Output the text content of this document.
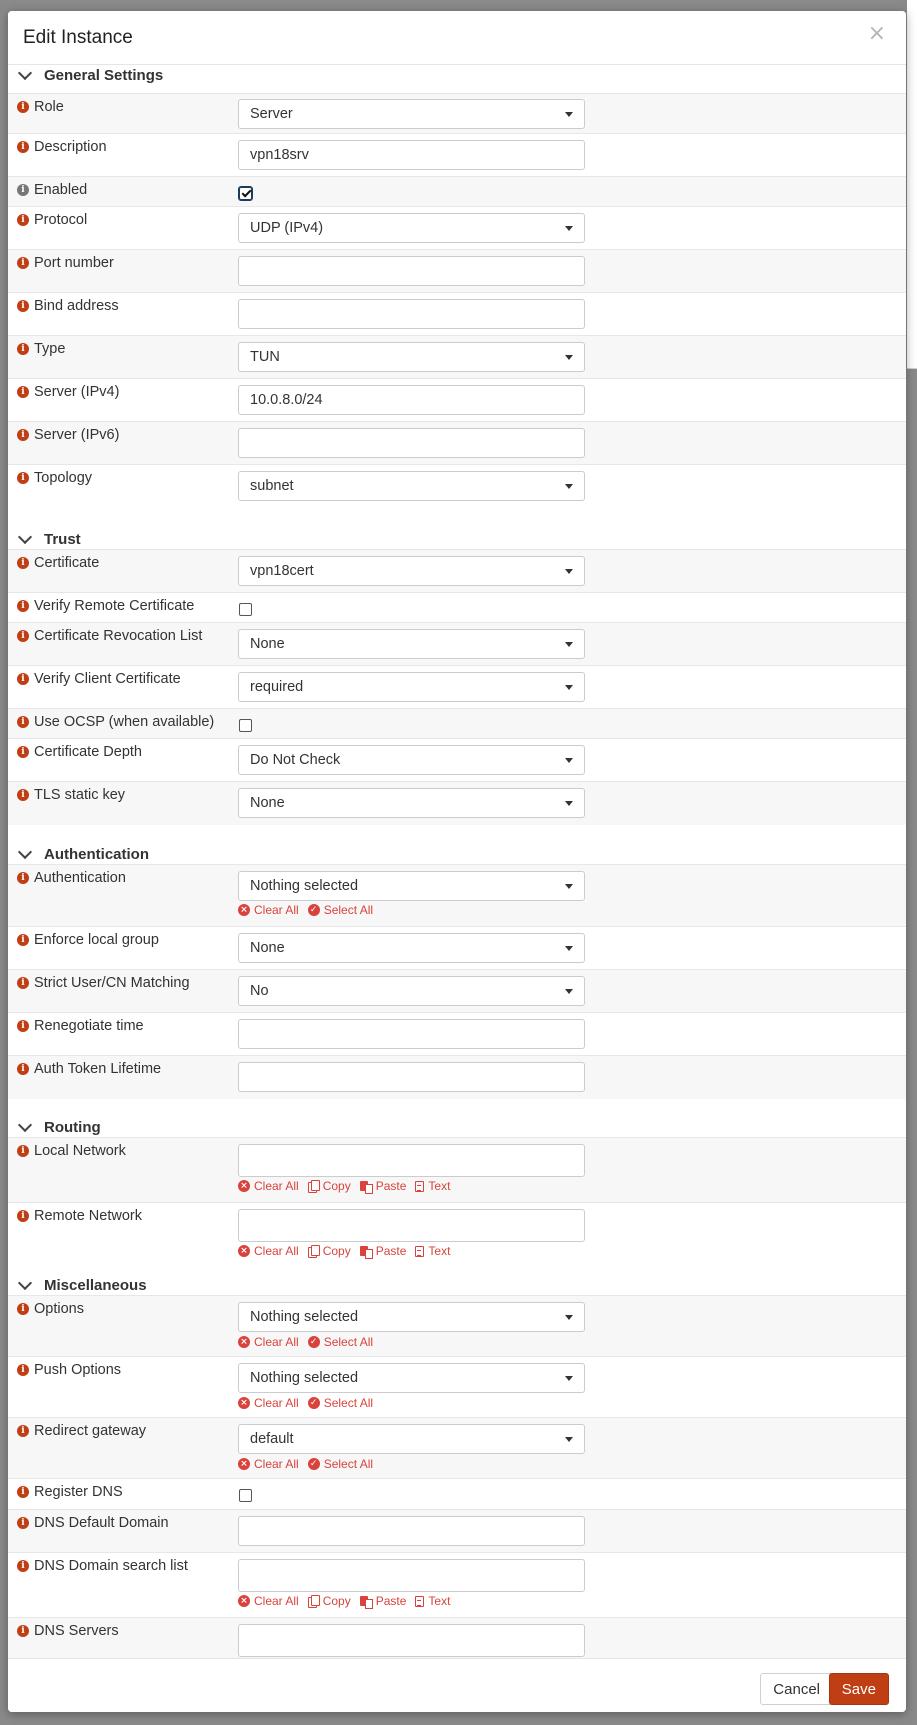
Edit Instance	×
General Settings
i Role	Server
i Description	vpn18srv
i Enabled
i Protocol	UDP (IPv4)
i Port number
i Bind address
i Type	TUN
i Server (IPv4)	10.0.8.0/24
i Server (IPv6)
i Topology	subnet
Trust
i Certificate	vpn18cert
i Verify Remote Certificate
i Certificate Revocation List	None
i Verify Client Certificate	required
i Use OCSP (when available)
i Certificate Depth	Do Not Check
i TLS static key	None
Authentication
i Authentication	Nothing selected
× Clear All ✓ Select All
i Enforce local group	None
i Strict User/CN Matching	No
i Renegotiate time
i Auth Token Lifetime
Routing
i Local Network
× Clear All Copy Paste Text
i Remote Network
× Clear All Copy Paste Text
Miscellaneous
i Options	Nothing selected
× Clear All ✓ Select All
i Push Options	Nothing selected
× Clear All ✓ Select All
i Redirect gateway	default
× Clear All ✓ Select All
i Register DNS
i DNS Default Domain
i DNS Domain search list
× Clear All Copy Paste Text
i DNS Servers
Cancel	Save
